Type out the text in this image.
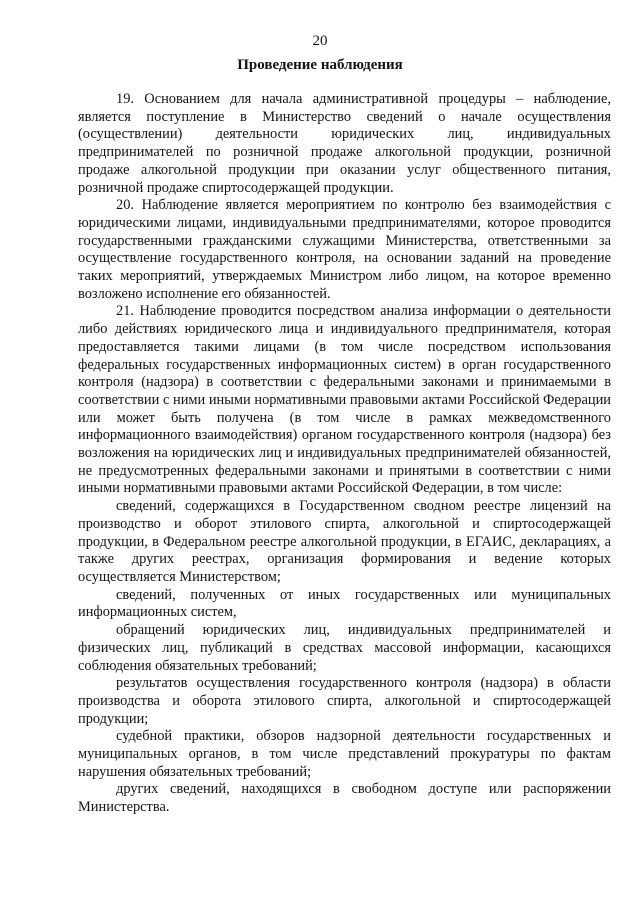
20
Проведение наблюдения

19. Основанием для начала административной процедуры – наблюдение, является поступление в Министерство сведений о начале осуществления (осуществлении) деятельности юридических лиц, индивидуальных предпринимателей по розничной продаже алкогольной продукции, розничной продаже алкогольной продукции при оказании услуг общественного питания, розничной продаже спиртосодержащей продукции.

20. Наблюдение является мероприятием по контролю без взаимодействия с юридическими лицами, индивидуальными предпринимателями, которое проводится государственными гражданскими служащими Министерства, ответственными за осуществление государственного контроля, на основании заданий на проведение таких мероприятий, утверждаемых Министром либо лицом, на которое временно возложено исполнение его обязанностей.

21. Наблюдение проводится посредством анализа информации о деятельности либо действиях юридического лица и индивидуального предпринимателя, которая предоставляется такими лицами (в том числе посредством использования федеральных государственных информационных систем) в орган государственного контроля (надзора) в соответствии с федеральными законами и принимаемыми в соответствии с ними иными нормативными правовыми актами Российской Федерации или может быть получена (в том числе в рамках межведомственного информационного взаимодействия) органом государственного контроля (надзора) без возложения на юридических лиц и индивидуальных предпринимателей обязанностей, не предусмотренных федеральными законами и принятыми в соответствии с ними иными нормативными правовыми актами Российской Федерации, в том числе:

сведений, содержащихся в Государственном сводном реестре лицензий на производство и оборот этилового спирта, алкогольной и спиртосодержащей продукции, в Федеральном реестре алкогольной продукции, в ЕГАИС, декларациях, а также других реестрах, организация формирования и ведение которых осуществляется Министерством;

сведений, полученных от иных государственных или муниципальных информационных систем,

обращений юридических лиц, индивидуальных предпринимателей и физических лиц, публикаций в средствах массовой информации, касающихся соблюдения обязательных требований;

результатов осуществления государственного контроля (надзора) в области производства и оборота этилового спирта, алкогольной и спиртосодержащей продукции;

судебной практики, обзоров надзорной деятельности государственных и муниципальных органов, в том числе представлений прокуратуры по фактам нарушения обязательных требований;

других сведений, находящихся в свободном доступе или распоряжении Министерства.
